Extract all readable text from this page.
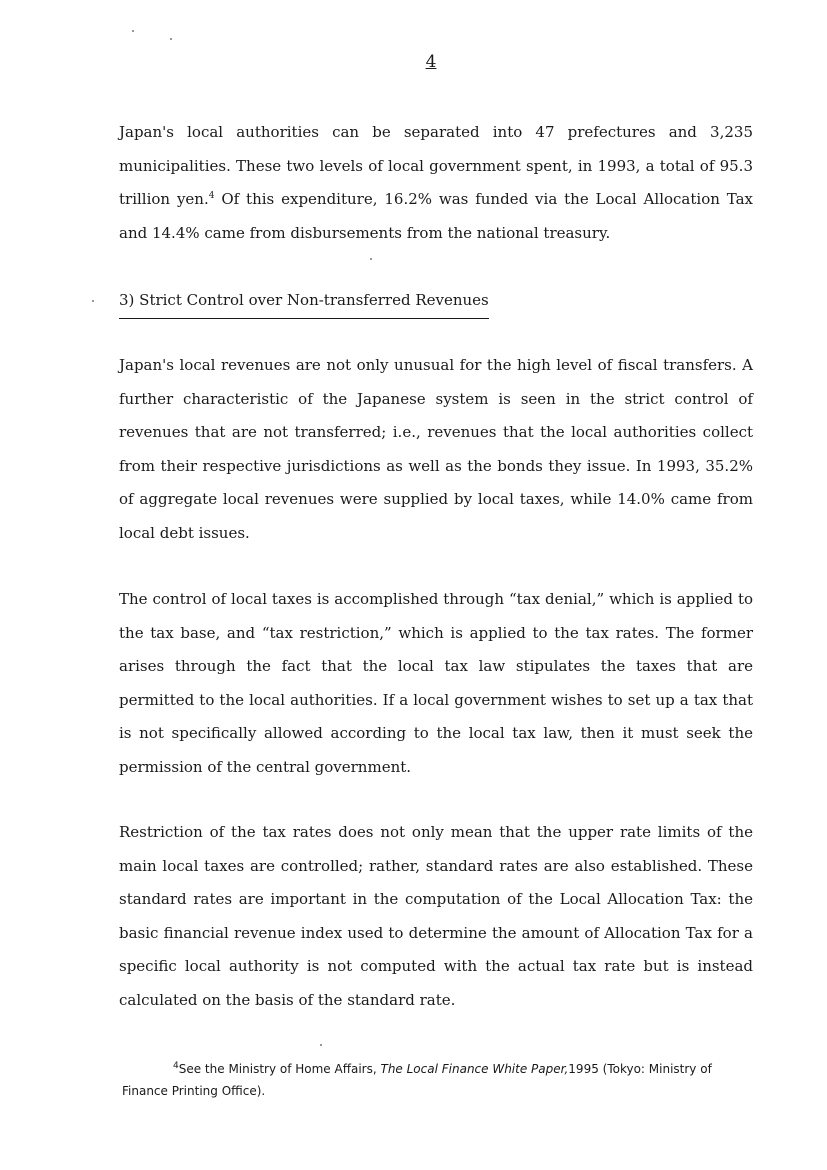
4

Japan's local authorities can be separated into 47 prefectures and 3,235 municipalities. These two levels of local government spent, in 1993, a total of 95.3 trillion yen.$^4$ Of this expenditure, 16.2% was funded via the Local Allocation Tax and 14.4% came from disbursements from the national treasury.

3) Strict Control over Non-transferred Revenues

Japan's local revenues are not only unusual for the high level of fiscal transfers. A further characteristic of the Japanese system is seen in the strict control of revenues that are not transferred; i.e., revenues that the local authorities collect from their respective jurisdictions as well as the bonds they issue. In 1993, 35.2% of aggregate local revenues were supplied by local taxes, while 14.0% came from local debt issues.

The control of local taxes is accomplished through “tax denial,” which is applied to the tax base, and “tax restriction,” which is applied to the tax rates. The former arises through the fact that the local tax law stipulates the taxes that are permitted to the local authorities. If a local government wishes to set up a tax that is not specifically allowed according to the local tax law, then it must seek the permission of the central government.

Restriction of the tax rates does not only mean that the upper rate limits of the main local taxes are controlled; rather, standard rates are also established. These standard rates are important in the computation of the Local Allocation Tax: the basic financial revenue index used to determine the amount of Allocation Tax for a specific local authority is not computed with the actual tax rate but is instead calculated on the basis of the standard rate.

$^4$See the Ministry of Home Affairs, The Local Finance White Paper,1995 (Tokyo: Ministry of Finance Printing Office).
